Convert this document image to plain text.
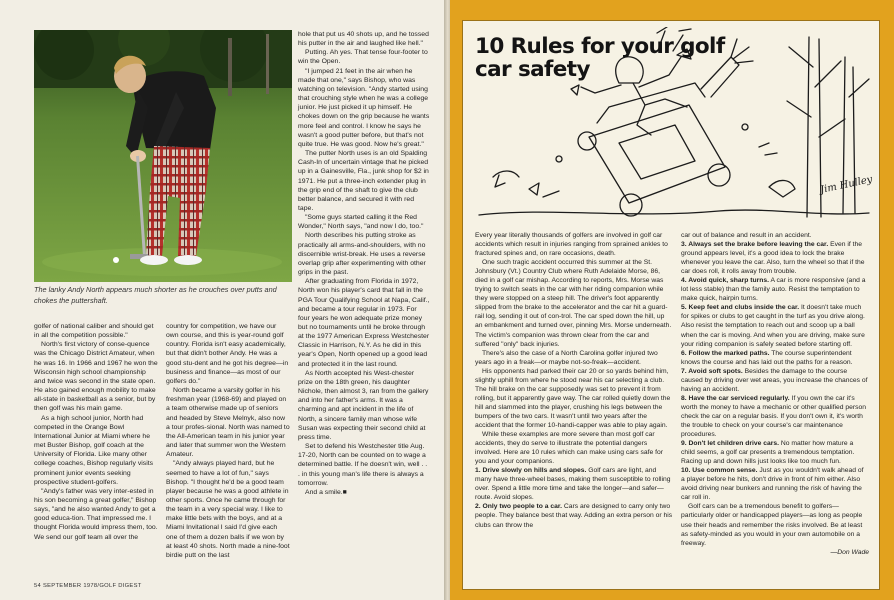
The lanky Andy North appears much shorter as he crouches over putts and chokes the puttershaft.

golfer of national caliber and should get in all the competition possible."

North's first victory of conse-quence was the Chicago District Amateur, when he was 16. In 1966 and 1967 he won the Wisconsin high school championship and twice was second in the state open. He also gained enough mobility to make all-state in basketball as a senior, but by then golf was his main game.

As a high school junior, North had competed in the Orange Bowl International Junior at Miami where he met Buster Bishop, golf coach at the University of Florida. Like many other college coaches, Bishop regularly visits prominent junior events seeking prospective student-golfers.

"Andy's father was very inter-ested in his son becoming a great golfer," Bishop says, "and he also wanted Andy to get a good educa-tion. That impressed me. I thought Florida would impress them, too. We send our golf team all over the

country for competition, we have our own course, and this is year-round golf country. Florida isn't easy academically, but that didn't bother Andy. He was a good stu-dent and he got his degree—in business and finance—as most of our golfers do."

North became a varsity golfer in his freshman year (1968-69) and played on a team otherwise made up of seniors and headed by Steve Melnyk, also now a tour profes-sional. North was named to the All-American team in his junior year and later that summer won the Western Amateur.

"Andy always played hard, but he seemed to have a lot of fun," says Bishop. "I thought he'd be a good team player because he was a good athlete in other sports. Once he came through for the team in a very special way. I like to make little bets with the boys, and at a Miami Invitational I said I'd give each one of them a dozen balls if we won by at least 40 shots. North made a nine-foot birdie putt on the last

hole that put us 40 shots up, and he tossed his putter in the air and laughed like hell."

Putting. Ah yes. That tense four-footer to win the Open.

"I jumped 21 feet in the air when he made that one," says Bishop, who was watching on television. "Andy started using that crouching style when he was a college junior. He just picked it up himself. He chokes down on the grip because he wants more feel and control. I know he says he wasn't a good putter before, but that's not quite true. He was good. Now he's great."

The putter North uses is an old Spalding Cash-In of uncertain vintage that he picked up in a Gainesville, Fla., junk shop for $2 in 1971. He put a three-inch extender plug in the grip end of the shaft to give the club better balance, and secured it with red tape.

"Some guys started calling it the Red Wonder," North says, "and now I do, too."

North describes his putting stroke as practically all arms-and-shoulders, with no discernible wrist-break. He uses a reverse overlap grip after experimenting with other grips in the past.

After graduating from Florida in 1972, North won his player's card that fall in the PGA Tour Qualifying School at Napa, Calif., and became a tour regular in 1973. For four years he won adequate prize money but no tournaments until he broke through at the 1977 American Express Westchester Classic in Harrison, N.Y. As he did in this year's Open, North opened up a good lead and protected it in the last round.

As North accepted his West-chester prize on the 18th green, his daughter Nichole, then almost 3, ran from the gallery and into her father's arms. It was a charming and apt incident in the life of North, a sincere family man whose wife Susan was expecting their second child at press time.

Set to defend his Westchester title Aug. 17-20, North can be counted on to wage a determined battle. If he doesn't win, well . . . in this young man's life there is always a tomorrow.

And a smile.■

54 SEPTEMBER 1978/GOLF DIGEST
Jim Hulley
10 Rules for your golf car safety

Every year literally thousands of golfers are involved in golf car accidents which result in injuries ranging from sprained ankles to fractured spines and, on rare occasions, death.

One such tragic accident occurred this summer at the St. Johnsbury (Vt.) Country Club where Ruth Adelaide Morse, 86, died in a golf car mishap. According to reports, Mrs. Morse was trying to switch seats in the car with her riding companion while they were stopped on a steep hill. The driver's foot apparently slipped from the brake to the accelerator and the car hit a guard-rail log, sending it out of con-trol. The car sped down the hill, up an embankment and turned over, pinning Mrs. Morse underneath. The victim's companion was thrown clear from the car and suffered "only" back injuries.

There's also the case of a North Carolina golfer injured two years ago in a freak—or maybe not-so-freak—accident.

His opponents had parked their car 20 or so yards behind him, slightly uphill from where he stood near his car selecting a club. The hill brake on the car supposedly was set to prevent it from rolling, but it apparently gave way. The car rolled quietly down the hill and slammed into the player, crushing his legs between the bumpers of the two cars. It wasn't until two years after the accident that the former 10-handi-capper was able to play again.

While these examples are more severe than most golf car accidents, they do serve to illustrate the potential dangers involved. Here are 10 rules which can make using cars safe for you and your companions.

1. Drive slowly on hills and slopes. Golf cars are light, and many have three-wheel bases, making them susceptible to rolling over. Spend a little more time and take the longer—and safer—route. Avoid slopes.

2. Only two people to a car. Cars are designed to carry only two people. They balance best that way. Adding an extra person or his clubs can throw the

car out of balance and result in an accident.

3. Always set the brake before leaving the car. Even if the ground appears level, it's a good idea to lock the brake whenever you leave the car. Also, turn the wheel so that if the car does roll, it rolls away from trouble.

4. Avoid quick, sharp turns. A car is more responsive (and a lot less stable) than the family auto. Resist the temptation to make quick, hairpin turns.

5. Keep feet and clubs inside the car. It doesn't take much for spikes or clubs to get caught in the turf as you drive along. Also resist the temptation to reach out and scoop up a ball when the car is moving. And when you are driving, make sure your riding companion is safely seated before starting off.

6. Follow the marked paths. The course superintendent knows the course and has laid out the paths for a reason.

7. Avoid soft spots. Besides the damage to the course caused by driving over wet areas, you increase the chances of having an accident.

8. Have the car serviced regularly. If you own the car it's worth the money to have a mechanic or other qualified person check the car on a regular basis. If you don't own it, it's worth the trouble to check on your course's car maintenance procedures.

9. Don't let children drive cars. No matter how mature a child seems, a golf car presents a tremendous temptation. Racing up and down hills just looks like too much fun.

10. Use common sense. Just as you wouldn't walk ahead of a player before he hits, don't drive in front of him either. Also avoid driving near bunkers and running the risk of having the car roll in.

Golf cars can be a tremendous benefit to golfers—particularly older or handicapped players—as long as people use their heads and remember the risks involved. Be at least as safety-minded as you would in your own automobile on a freeway.

—Don Wade
